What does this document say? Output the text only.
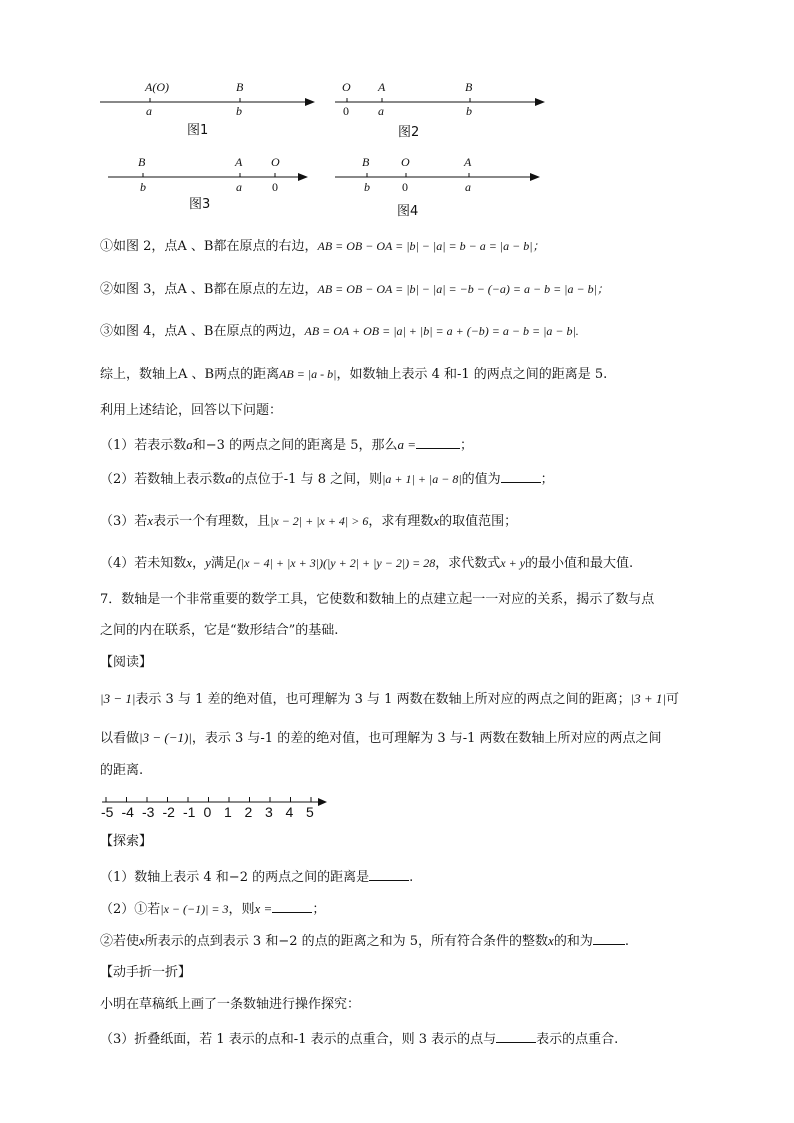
A(O)	B
a	b
图1
O A	B
0 a	b
图2
B	A O
b	a	0
图3
B	O	A
b	0	a
图4
①如图 2，点A 、B都在原点的右边，AB = OB − OA = |b| − |a| = b − a = |a − b|；
②如图 3，点A 、B都在原点的左边，AB = OB − OA = |b| − |a| = −b − (−a) = a − b = |a − b|；
③如图 4，点A 、B在原点的两边，AB = OA + OB = |a| + |b| = a + (−b) = a − b = |a − b|.
综上，数轴上A 、B两点的距离AB = |a - b|，如数轴上表示 4 和-1 的两点之间的距离是 5.
利用上述结论，回答以下问题：
（1）若表示数a和−3 的两点之间的距离是 5，那么a =	；
（2）若数轴上表示数a的点位于-1 与 8 之间，则|a + 1| + |a − 8|的值为	；
（3）若x表示一个有理数，且|x − 2| + |x + 4| > 6，求有理数x的取值范围；
（4）若未知数x，y满足(|x − 4| + |x + 3|)(|y + 2| + |y − 2|) = 28，求代数式x + y的最小值和最大值.
7．数轴是一个非常重要的数学工具，它使数和数轴上的点建立起一一对应的关系，揭示了数与点
之间的内在联系，它是“数形结合”的基础.
【阅读】
|3 − 1|表示 3 与 1 差的绝对值，也可理解为 3 与 1 两数在数轴上所对应的两点之间的距离；|3 + 1|可
以看做|3 − (−1)|，表示 3 与-1 的差的绝对值，也可理解为 3 与-1 两数在数轴上所对应的两点之间
的距离.
-5 -4 -3 -2 -1 0 1 2 3 4 5
【探索】
（1）数轴上表示 4 和−2 的两点之间的距离是	.
（2）①若|x − (−1)| = 3，则x =	；
②若使x所表示的点到表示 3 和−2 的点的距离之和为 5，所有符合条件的整数x的和为 .
【动手折一折】
小明在草稿纸上画了一条数轴进行操作探究：
（3）折叠纸面，若 1 表示的点和-1 表示的点重合，则 3 表示的点与	表示的点重合.
